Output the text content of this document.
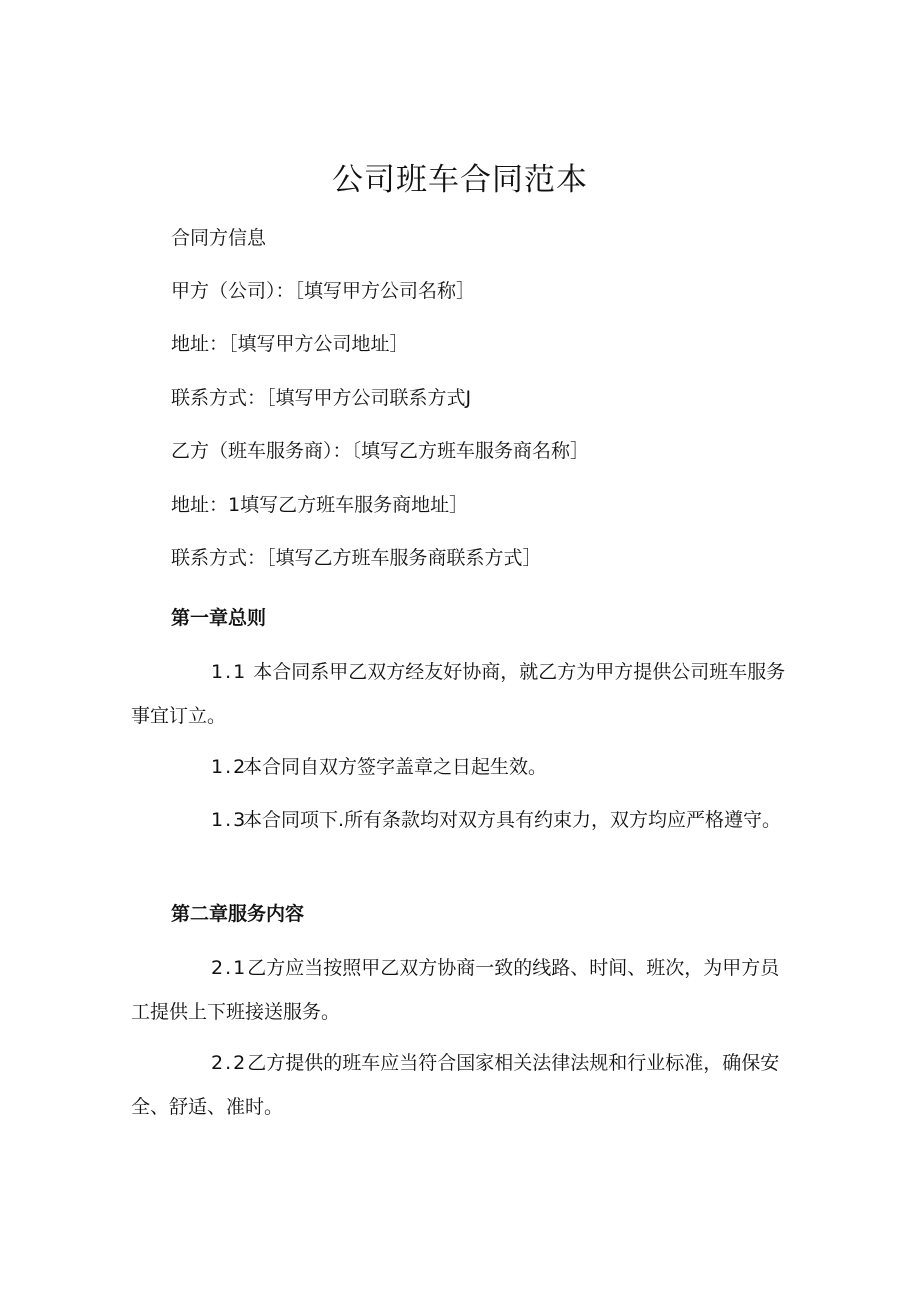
公司班车合同范本

合同方信息

甲方（公司）：［填写甲方公司名称］

地址：［填写甲方公司地址］

联系方式：［填写甲方公司联系方式J

乙方（班车服务商）：〔填写乙方班车服务商名称］

地址：1填写乙方班车服务商地址］

联系方式：［填写乙方班车服务商联系方式］

第一章总则

1.1 本合同系甲乙双方经友好协商，就乙方为甲方提供公司班车服务事宜订立。

1.2本合同自双方签字盖章之日起生效。

1.3本合同项下.所有条款均对双方具有约束力，双方均应严格遵守。

第二章服务内容

2.1乙方应当按照甲乙双方协商一致的线路、时间、班次，为甲方员工提供上下班接送服务。

2.2乙方提供的班车应当符合国家相关法律法规和行业标准，确保安全、舒适、准时。
